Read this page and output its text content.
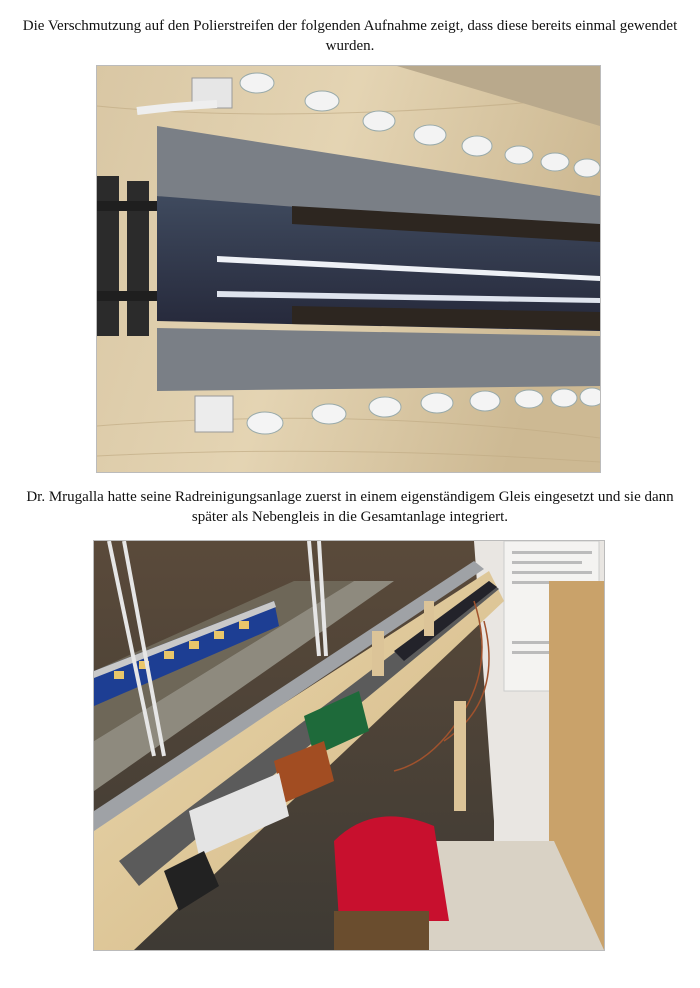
Die Verschmutzung auf den Polierstreifen der folgenden Aufnahme zeigt, dass diese bereits einmal gewendet wurden.
Dr. Mrugalla hatte seine Radreinigungsanlage zuerst in einem eigenständigem Gleis eingesetzt und sie dann später als Nebengleis in die Gesamtanlage integriert.
